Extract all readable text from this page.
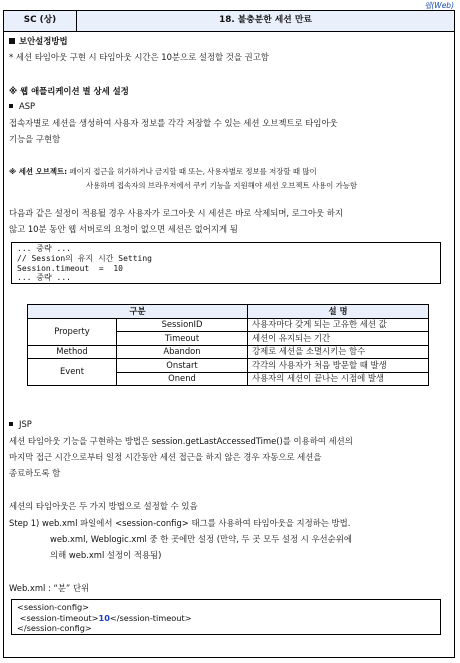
웹(Web)
SC (상)	18. 불충분한 세션 만료
보안설정방법
* 세션 타임아웃 구현 시 타임아웃 시간은 10분으로 설정할 것을 권고함
※ 웹 애플리케이션 별 상세 설정
ASP
접속자별로 세션을 생성하여 사용자 정보를 각각 저장할 수 있는 세션 오브젝트로 타임아웃
기능을 구현함
※ 세션 오브젝트: 페이지 접근을 허가하거나 금지할 때 또는, 사용자별로 정보를 저장할 때 많이
사용하며 접속자의 브라우저에서 쿠키 기능을 지원해야 세션 오브젝트 사용이 가능함
다음과 같은 설정이 적용될 경우 사용자가 로그아웃 시 세션은 바로 삭제되며, 로그아웃 하지
않고 10분 동안 웹 서버로의 요청이 없으면 세션은 없어지게 됨
... 중략 ...
// Session의 유지 시간 Setting
Session.timeout  =  10
... 중략 ...
구분		설 명
Property	SessionID	사용자마다 갖게 되는 고유한 세션 값
	Timeout	세션이 유지되는 기간
Method	Abandon	강제로 세션을 소멸시키는 함수
Event	Onstart	각각의 사용자가 처음 방문할 때 발생
	Onend	사용자의 세션이 끝나는 시점에 발생
JSP
세션 타임아웃 기능을 구현하는 방법은 session.getLastAccessedTime()를 이용하여 세션의
마지막 접근 시간으로부터 일정 시간동안 세션 접근을 하지 않은 경우 자동으로 세션을
종료하도록 함
세션의 타임아웃은 두 가지 방법으로 설정할 수 있음
Step 1) web.xml 파일에서 <session-config> 태그를 사용하여 타임아웃을 지정하는 방법.
web.xml, Weblogic.xml 중 한 곳에만 설정 (만약, 두 곳 모두 설정 시 우선순위에
의해 web.xml 설정이 적용됨)
Web.xml : “분” 단위
<session-config>
<session-timeout>10</session-timeout>
</session-config>
